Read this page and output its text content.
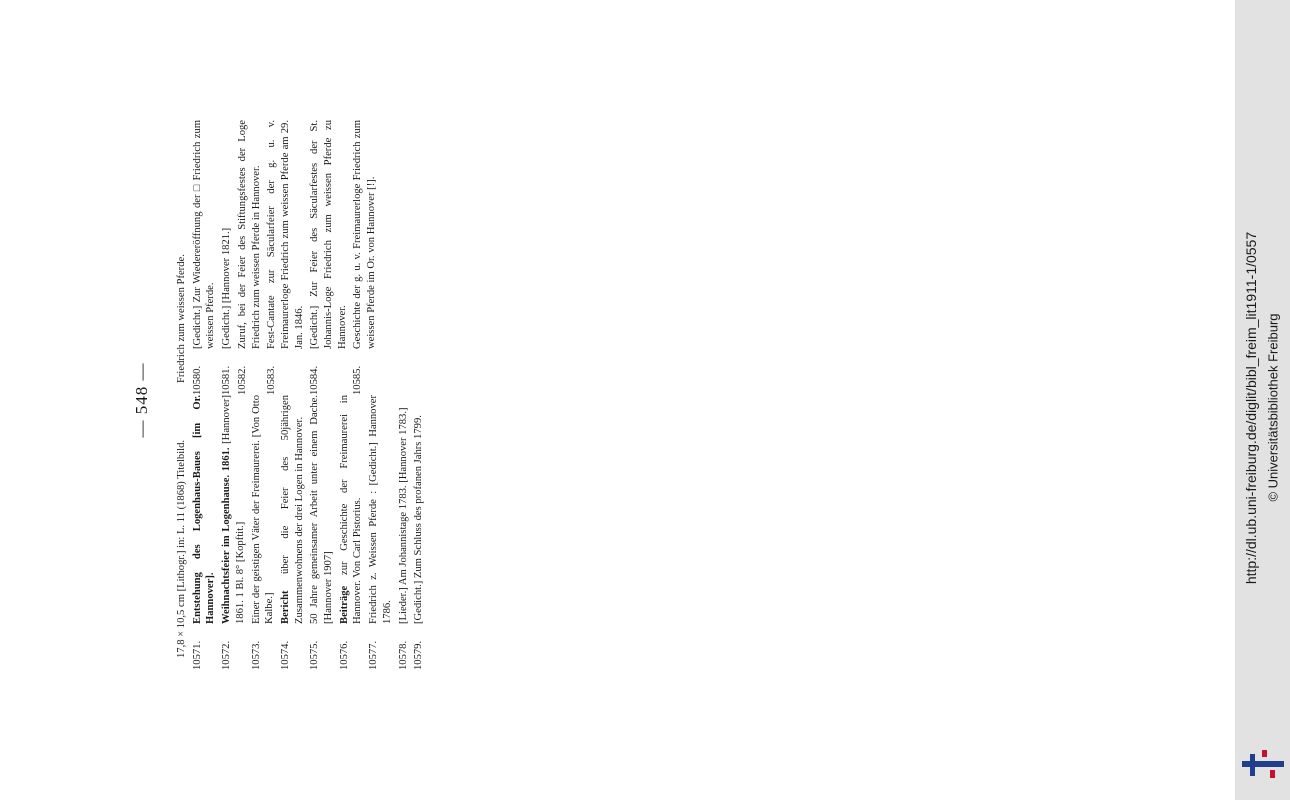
— 548 —
17,8 × 10,5 cm [Lithogr.] in: L. 11 (1868) Titelbild. 10571.
Entstehung des Logenhaus-Baues [im Or. Hannover].
10572.
Weihnachtsfeier im Logenhause. 1861. [Hannover] 1861. 1 Bl. 8° [Kopftit.]
10573.
Einer der geistigen Väter der Freimaurerei. [Von Otto Kalbe.]
10574.
Bericht über die Feier des 50jährigen Zusammenwohnens der drei Logen in Hannover.
10575.
50 Jahre gemeinsamer Arbeit unter einem Dache. [Hannover 1907]
10576.
Beiträge zur Geschichte der Freimaurerei in Hannover. Von Carl Pistorius.
10577.
Friedrich z. Weissen Pferde : [Gedicht.] Hannover 1786.
10578.
[Lieder.] Am Johannistage 1783. [Hannover 1783.]
10579.
[Gedicht.] Zum Schluss des profanen Jahrs 1799.
Friedrich zum weissen Pferde. 10580.
[Gedicht.] Zur Wiedereröffnung der □ Friedrich zum weissen Pferde.
10581.
[Gedicht.] [Hannover 1821.]
10582.
Zuruf, bei der Feier des Stiftungsfestes der Loge Friedrich zum weissen Pferde in Hannover.
10583.
Fest-Cantate zur Säcularfeier der g. u. v. Freimaurerloge Friedrich zum weissen Pferde am 29. Jan. 1846.
10584.
[Gedicht.] Zur Feier des Säcularfestes der St. Johannis-Loge Friedrich zum weissen Pferde zu Hannover.
10585.
Geschichte der g. u. v. Freimaurerloge Friedrich zum weissen Pferde im Or. von Hannover [!].	http://dl.ub.uni-freiburg.de/diglit/bibl_freim_lit1911-1/0557 © Universitätsbibliothek Freiburg
